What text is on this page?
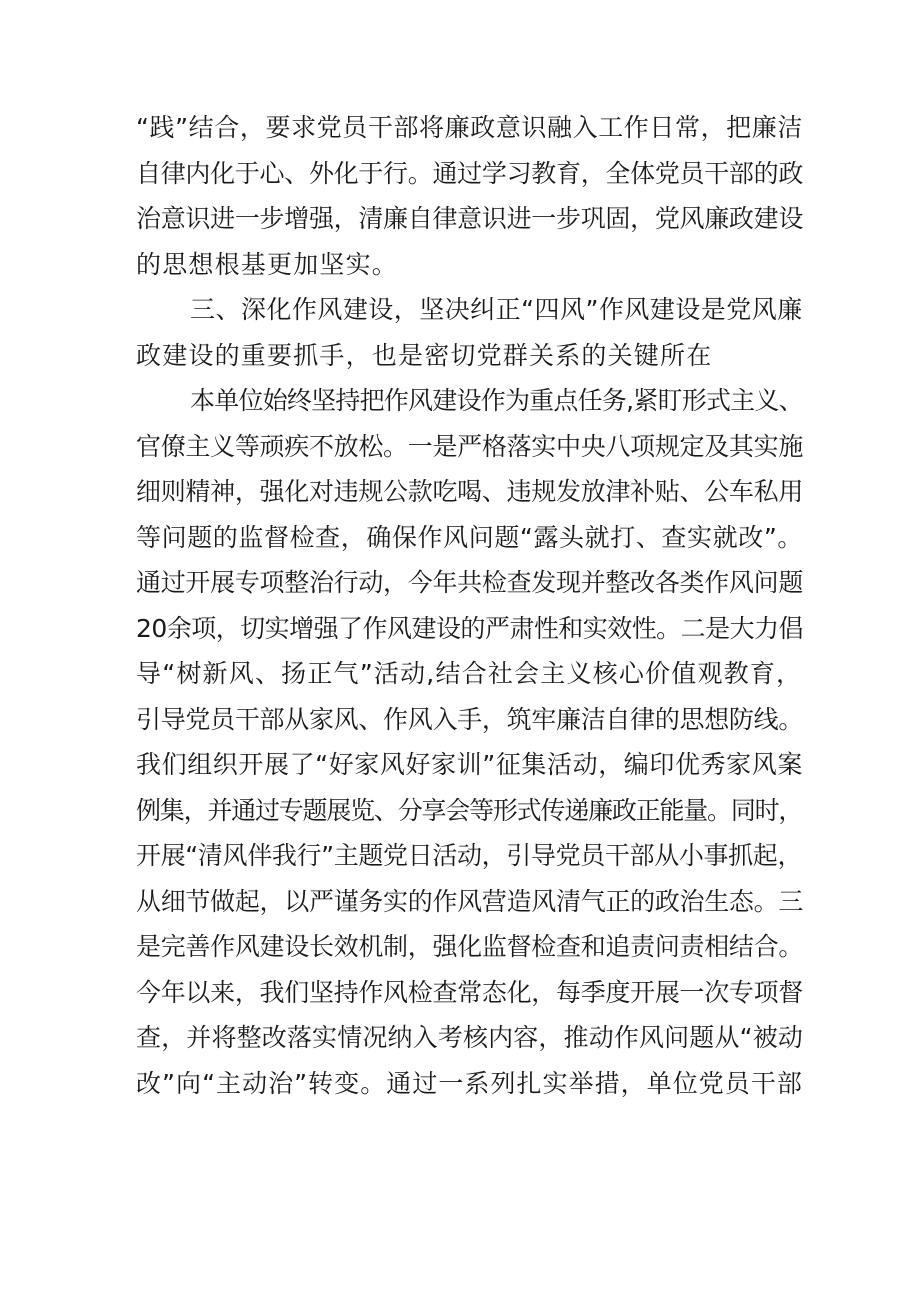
“践”结合，要求党员干部将廉政意识融入工作日常，把廉洁
自律内化于心、外化于行。通过学习教育，全体党员干部的政
治意识进一步增强，清廉自律意识进一步巩固，党风廉政建设
的思想根基更加坚实。
三、深化作风建设，坚决纠正“四风”作风建设是党风廉
政建设的重要抓手，也是密切党群关系的关键所在
本单位始终坚持把作风建设作为重点任务,紧盯形式主义、
官僚主义等顽疾不放松。一是严格落实中央八项规定及其实施
细则精神，强化对违规公款吃喝、违规发放津补贴、公车私用
等问题的监督检查，确保作风问题“露头就打、查实就改”。
通过开展专项整治行动，今年共检查发现并整改各类作风问题
20余项，切实增强了作风建设的严肃性和实效性。二是大力倡
导“树新风、扬正气”活动,结合社会主义核心价值观教育，
引导党员干部从家风、作风入手，筑牢廉洁自律的思想防线。
我们组织开展了“好家风好家训”征集活动，编印优秀家风案
例集，并通过专题展览、分享会等形式传递廉政正能量。同时，
开展“清风伴我行”主题党日活动，引导党员干部从小事抓起，
从细节做起，以严谨务实的作风营造风清气正的政治生态。三
是完善作风建设长效机制，强化监督检查和追责问责相结合。
今年以来，我们坚持作风检查常态化，每季度开展一次专项督
查，并将整改落实情况纳入考核内容，推动作风问题从“被动
改”向“主动治”转变。通过一系列扎实举措，单位党员干部
